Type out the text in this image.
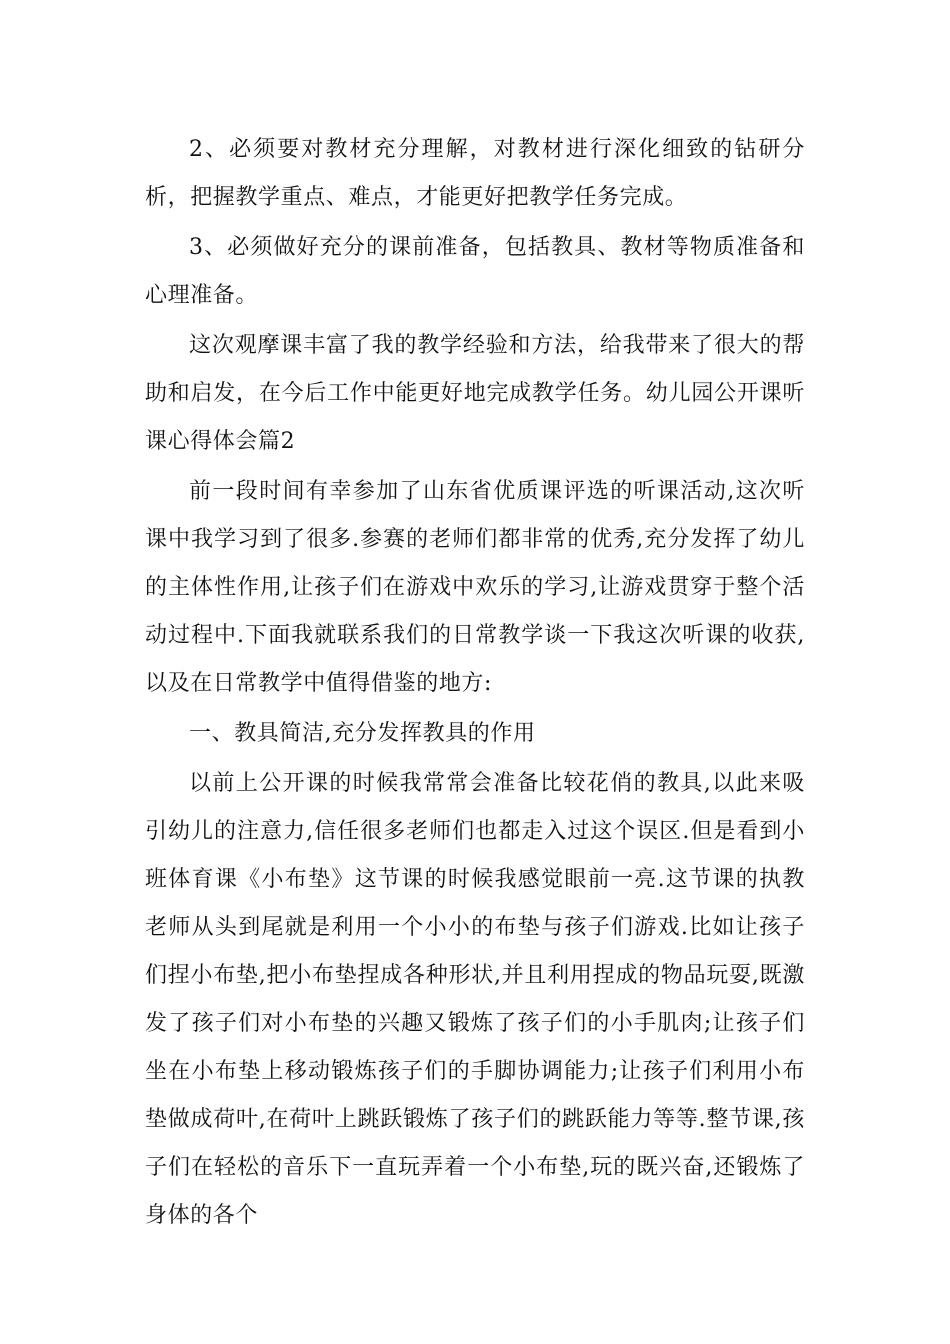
2、必须要对教材充分理解，对教材进行深化细致的钻研分析，把握教学重点、难点，才能更好把教学任务完成。

3、必须做好充分的课前准备，包括教具、教材等物质准备和心理准备。

这次观摩课丰富了我的教学经验和方法，给我带来了很大的帮助和启发，在今后工作中能更好地完成教学任务。幼儿园公开课听课心得体会篇2

前一段时间有幸参加了山东省优质课评选的听课活动,这次听课中我学习到了很多.参赛的老师们都非常的优秀,充分发挥了幼儿的主体性作用,让孩子们在游戏中欢乐的学习,让游戏贯穿于整个活动过程中.下面我就联系我们的日常教学谈一下我这次听课的收获,以及在日常教学中值得借鉴的地方:

一、教具简洁,充分发挥教具的作用

以前上公开课的时候我常常会准备比较花俏的教具,以此来吸引幼儿的注意力,信任很多老师们也都走入过这个误区.但是看到小班体育课《小布垫》这节课的时候我感觉眼前一亮.这节课的执教老师从头到尾就是利用一个小小的布垫与孩子们游戏.比如让孩子们捏小布垫,把小布垫捏成各种形状,并且利用捏成的物品玩耍,既激发了孩子们对小布垫的兴趣又锻炼了孩子们的小手肌肉;让孩子们坐在小布垫上移动锻炼孩子们的手脚协调能力;让孩子们利用小布垫做成荷叶,在荷叶上跳跃锻炼了孩子们的跳跃能力等等.整节课,孩子们在轻松的音乐下一直玩弄着一个小布垫,玩的既兴奋,还锻炼了身体的各个
